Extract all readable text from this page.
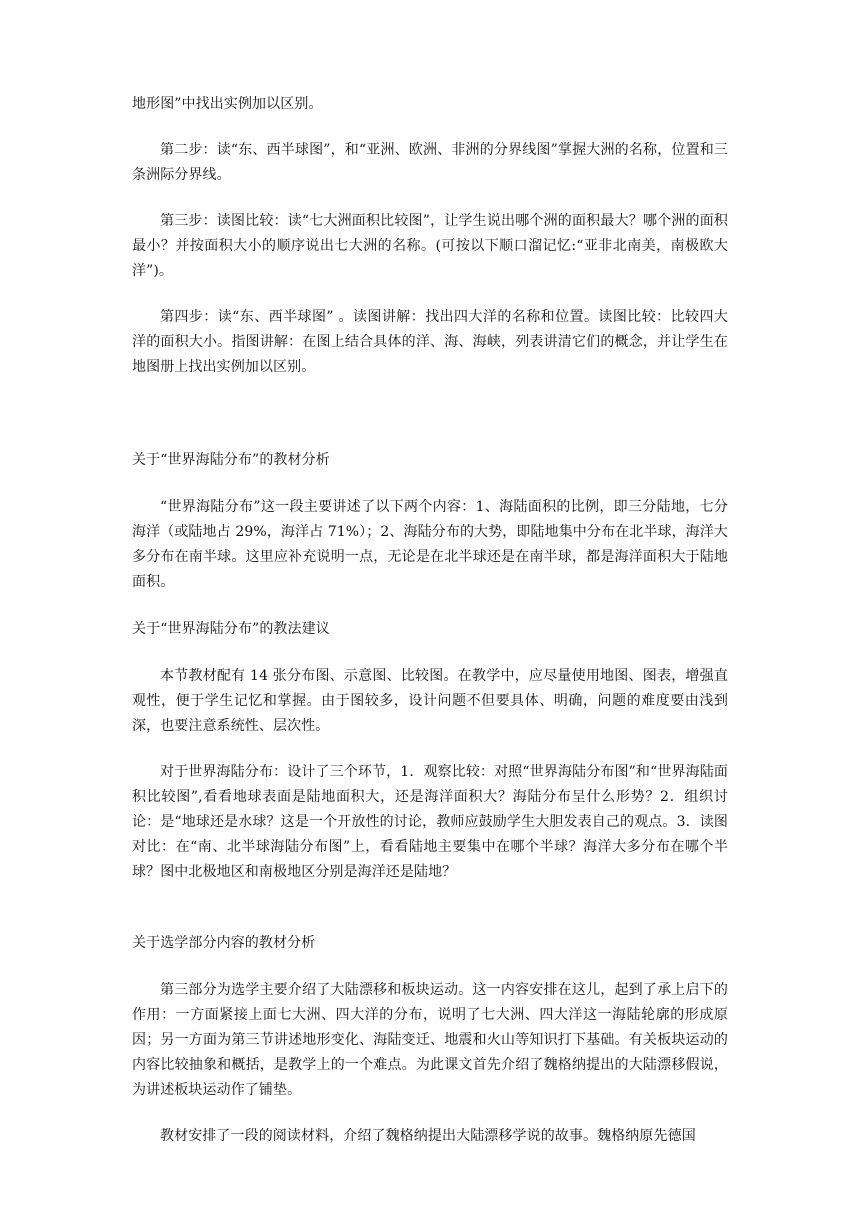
地形图”中找出实例加以区别。

第二步：读“东、西半球图”，和“亚洲、欧洲、非洲的分界线图”掌握大洲的名称，位置和三条洲际分界线。

第三步：读图比较：读“七大洲面积比较图”，让学生说出哪个洲的面积最大？哪个洲的面积最小？并按面积大小的顺序说出七大洲的名称。(可按以下顺口溜记忆:“亚非北南美，南极欧大洋”)。

第四步：读“东、西半球图” 。读图讲解：找出四大洋的名称和位置。读图比较：比较四大洋的面积大小。指图讲解：在图上结合具体的洋、海、海峡，列表讲清它们的概念，并让学生在地图册上找出实例加以区别。

关于“世界海陆分布”的教材分析

“世界海陆分布”这一段主要讲述了以下两个内容：1、海陆面积的比例，即三分陆地，七分海洋（或陆地占 29%，海洋占 71%）；2、海陆分布的大势，即陆地集中分布在北半球，海洋大多分布在南半球。这里应补充说明一点，无论是在北半球还是在南半球，都是海洋面积大于陆地面积。

关于“世界海陆分布”的教法建议

本节教材配有 14 张分布图、示意图、比较图。在教学中，应尽量使用地图、图表，增强直观性，便于学生记忆和掌握。由于图较多，设计问题不但要具体、明确，问题的难度要由浅到深，也要注意系统性、层次性。

对于世界海陆分布：设计了三个环节，1．观察比较：对照“世界海陆分布图”和“世界海陆面积比较图”,看看地球表面是陆地面积大，还是海洋面积大？海陆分布呈什么形势？2．组织讨论：是“地球还是水球？这是一个开放性的讨论，教师应鼓励学生大胆发表自己的观点。3．读图对比：在“南、北半球海陆分布图”上，看看陆地主要集中在哪个半球？海洋大多分布在哪个半球？图中北极地区和南极地区分别是海洋还是陆地？

关于选学部分内容的教材分析

第三部分为选学主要介绍了大陆漂移和板块运动。这一内容安排在这儿，起到了承上启下的作用：一方面紧接上面七大洲、四大洋的分布，说明了七大洲、四大洋这一海陆轮廓的形成原因；另一方面为第三节讲述地形变化、海陆变迁、地震和火山等知识打下基础。有关板块运动的内容比较抽象和概括，是教学上的一个难点。为此课文首先介绍了魏格纳提出的大陆漂移假说，为讲述板块运动作了铺垫。

教材安排了一段的阅读材料，介绍了魏格纳提出大陆漂移学说的故事。魏格纳原先德国
